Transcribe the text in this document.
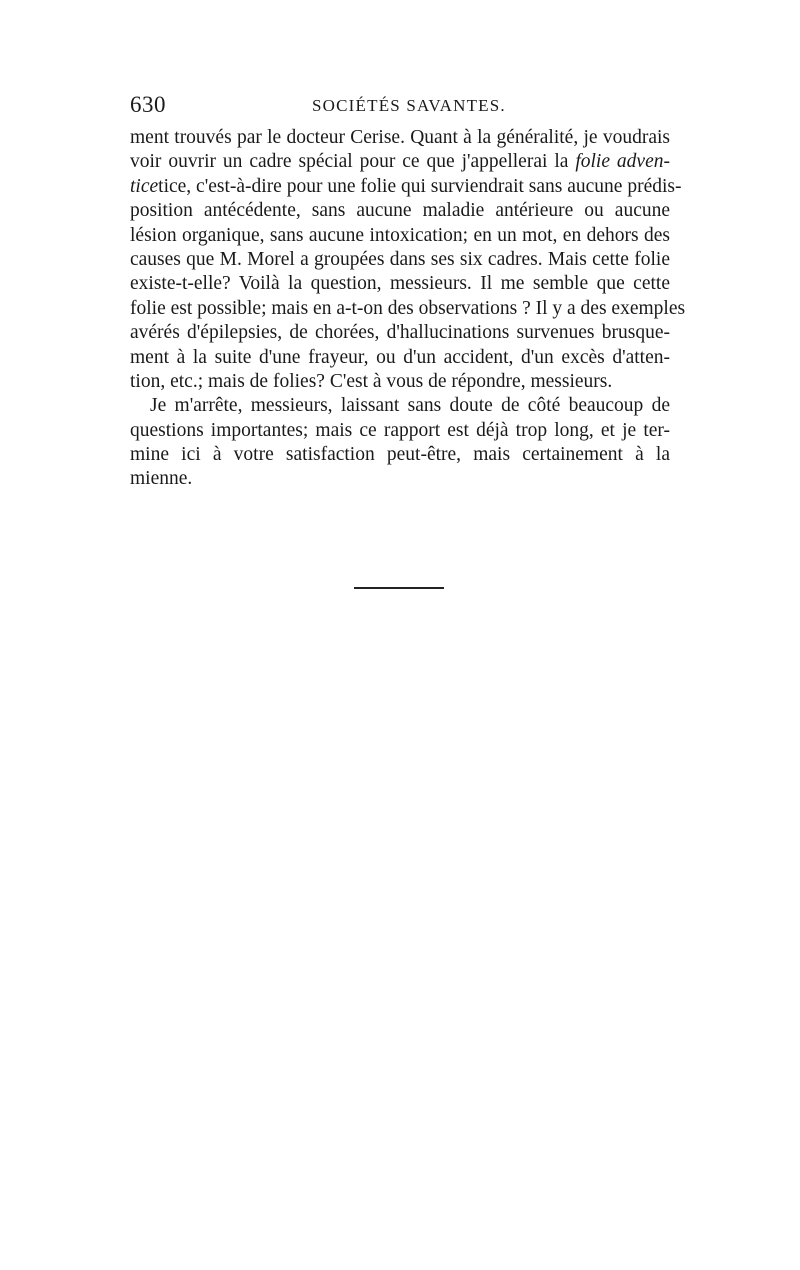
630	SOCIÉTÉS SAVANTES.
ment trouvés par le docteur Cerise. Quant à la généralité, je voudrais
voir ouvrir un cadre spécial pour ce que j'appellerai la folie adven-
ticetice, c'est-à-dire pour une folie qui surviendrait sans aucune prédis-
position antécédente, sans aucune maladie antérieure ou aucune
lésion organique, sans aucune intoxication; en un mot, en dehors des
causes que M. Morel a groupées dans ses six cadres. Mais cette folie
existe-t-elle? Voilà la question, messieurs. Il me semble que cette
folie est possible; mais en a-t-on des observations ? Il y a des exemples
avérés d'épilepsies, de chorées, d'hallucinations survenues brusque-
ment à la suite d'une frayeur, ou d'un accident, d'un excès d'atten-
tion, etc.; mais de folies? C'est à vous de répondre, messieurs.
Je m'arrête, messieurs, laissant sans doute de côté beaucoup de
questions importantes; mais ce rapport est déjà trop long, et je ter-
mine ici à votre satisfaction peut-être, mais certainement à la
mienne.
